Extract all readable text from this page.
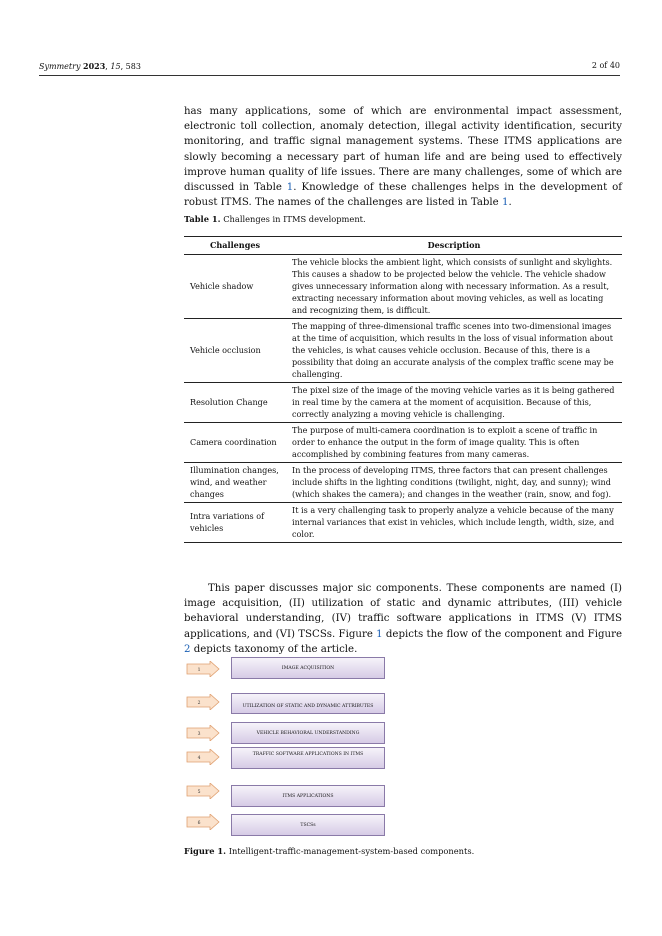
Symmetry 2023, 15, 583	2 of 40
has many applications, some of which are environmental impact assessment, electronic toll collection, anomaly detection, illegal activity identification, security monitoring, and traffic signal management systems. These ITMS applications are slowly becoming a necessary part of human life and are being used to effectively improve human quality of life issues. There are many challenges, some of which are discussed in Table 1. Knowledge of these challenges helps in the development of robust ITMS. The names of the challenges are listed in Table 1.
Table 1. Challenges in ITMS development.
Challenges	Description
Vehicle shadow	The vehicle blocks the ambient light, which consists of sunlight and skylights. This causes a shadow to be projected below the vehicle. The vehicle shadow gives unnecessary information along with necessary information. As a result, extracting necessary information about moving vehicles, as well as locating and recognizing them, is difficult.
Vehicle occlusion	The mapping of three-dimensional traffic scenes into two-dimensional images at the time of acquisition, which results in the loss of visual information about the vehicles, is what causes vehicle occlusion. Because of this, there is a possibility that doing an accurate analysis of the complex traffic scene may be challenging.
Resolution Change	The pixel size of the image of the moving vehicle varies as it is being gathered in real time by the camera at the moment of acquisition. Because of this, correctly analyzing a moving vehicle is challenging.
Camera coordination	The purpose of multi-camera coordination is to exploit a scene of traffic in order to enhance the output in the form of image quality. This is often accomplished by combining features from many cameras.
Illumination changes, wind, and weather changes	In the process of developing ITMS, three factors that can present challenges include shifts in the lighting conditions (twilight, night, day, and sunny); wind (which shakes the camera); and changes in the weather (rain, snow, and fog).
Intra variations of vehicles	It is a very challenging task to properly analyze a vehicle because of the many internal variances that exist in vehicles, which include length, width, size, and color.
This paper discusses major sic components. These components are named (I) image acquisition, (II) utilization of static and dynamic attributes, (III) vehicle behavioral understanding, (IV) traffic software applications in ITMS (V) ITMS applications, and (VI) TSCSs. Figure 1 depicts the flow of the component and Figure 2 depicts taxonomy of the article.
1	IMAGE ACQUISITION
2
UTILIZATION OF STATIC AND DYNAMIC ATTRIBUTES
3	VEHICLE BEHAVIORAL UNDERSTANDING
4
TRAFFIC SOFTWARE APPLICATIONS IN ITMS
5
ITMS APPLICATIONS
6	TSCSs
Figure 1. Intelligent-traffic-management-system-based components.
